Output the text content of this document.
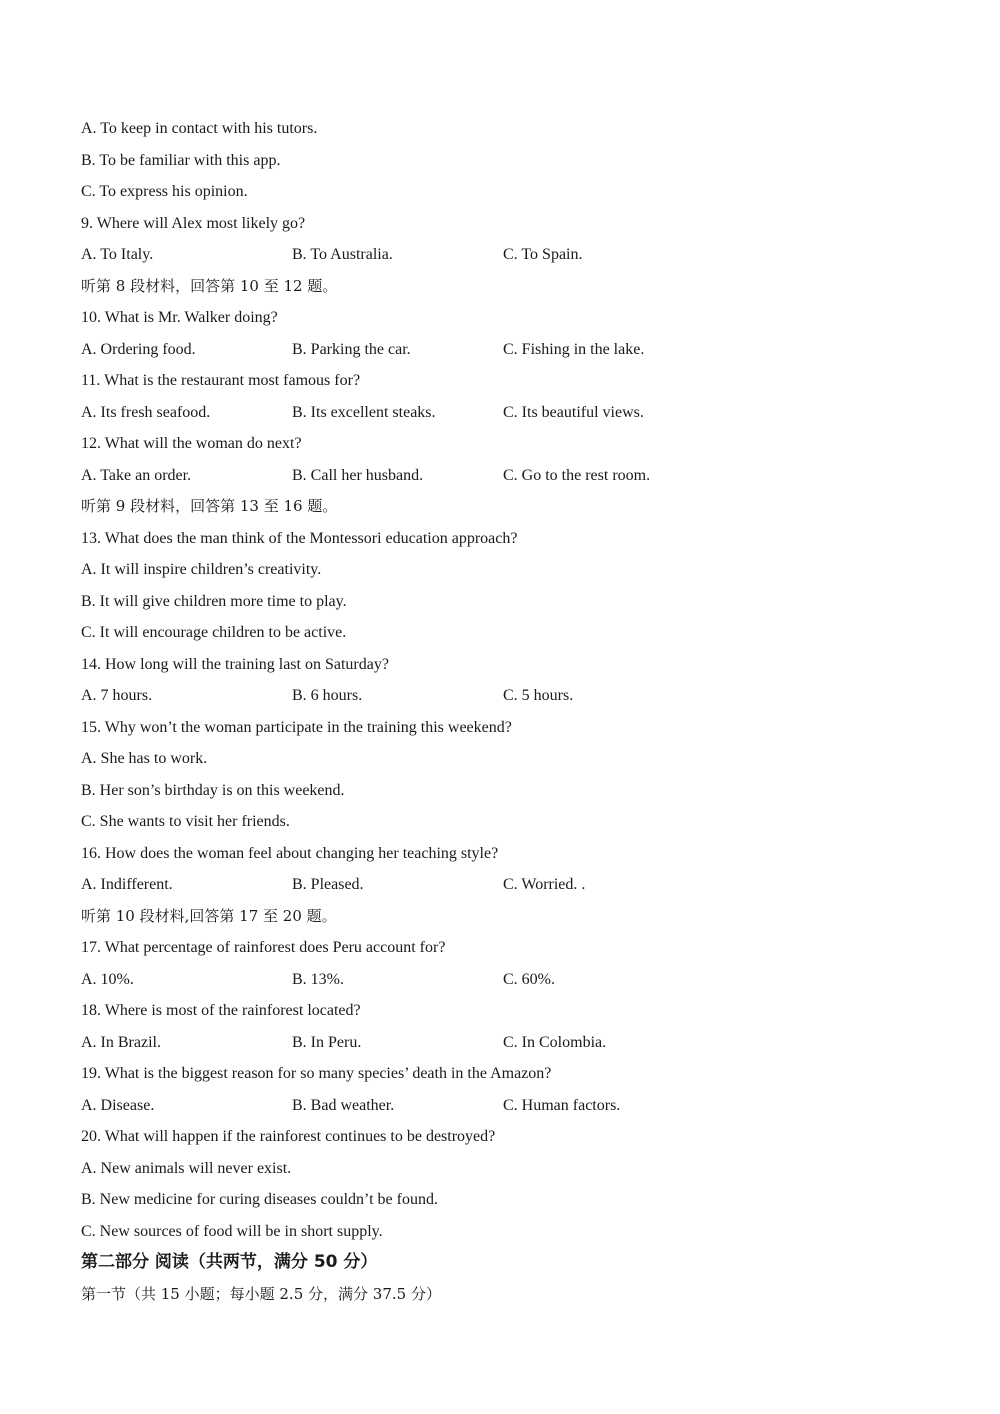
A. To keep in contact with his tutors.
B. To be familiar with this app.
C. To express his opinion.
9. Where will Alex most likely go?
A. To Italy.	B. To Australia.	C. To Spain.
听第 8 段材料，回答第 10 至 12 题。
10. What is Mr. Walker doing?
A. Ordering food.	B. Parking the car.	C. Fishing in the lake.
11. What is the restaurant most famous for?
A. Its fresh seafood.	B. Its excellent steaks.	C. Its beautiful views.
12. What will the woman do next?
A. Take an order.	B. Call her husband.	C. Go to the rest room.
听第 9 段材料，回答第 13 至 16 题。
13. What does the man think of the Montessori education approach?
A. It will inspire children’s creativity.
B. It will give children more time to play.
C. It will encourage children to be active.
14. How long will the training last on Saturday?
A. 7 hours.	B. 6 hours.	C. 5 hours.
15. Why won’t the woman participate in the training this weekend?
A. She has to work.
B. Her son’s birthday is on this weekend.
C. She wants to visit her friends.
16. How does the woman feel about changing her teaching style?
A. Indifferent.	B. Pleased.	C. Worried. .
听第 10 段材料,回答第 17 至 20 题。
17. What percentage of rainforest does Peru account for?
A. 10%.	B. 13%.	C. 60%.
18. Where is most of the rainforest located?
A. In Brazil.	B. In Peru.	C. In Colombia.
19. What is the biggest reason for so many species’ death in the Amazon?
A. Disease.	B. Bad weather.	C. Human factors.
20. What will happen if the rainforest continues to be destroyed?
A. New animals will never exist.
B. New medicine for curing diseases couldn’t be found.
C. New sources of food will be in short supply.
第二部分 阅读（共两节，满分 50 分）
第一节（共 15 小题；每小题 2.5 分，满分 37.5 分）
